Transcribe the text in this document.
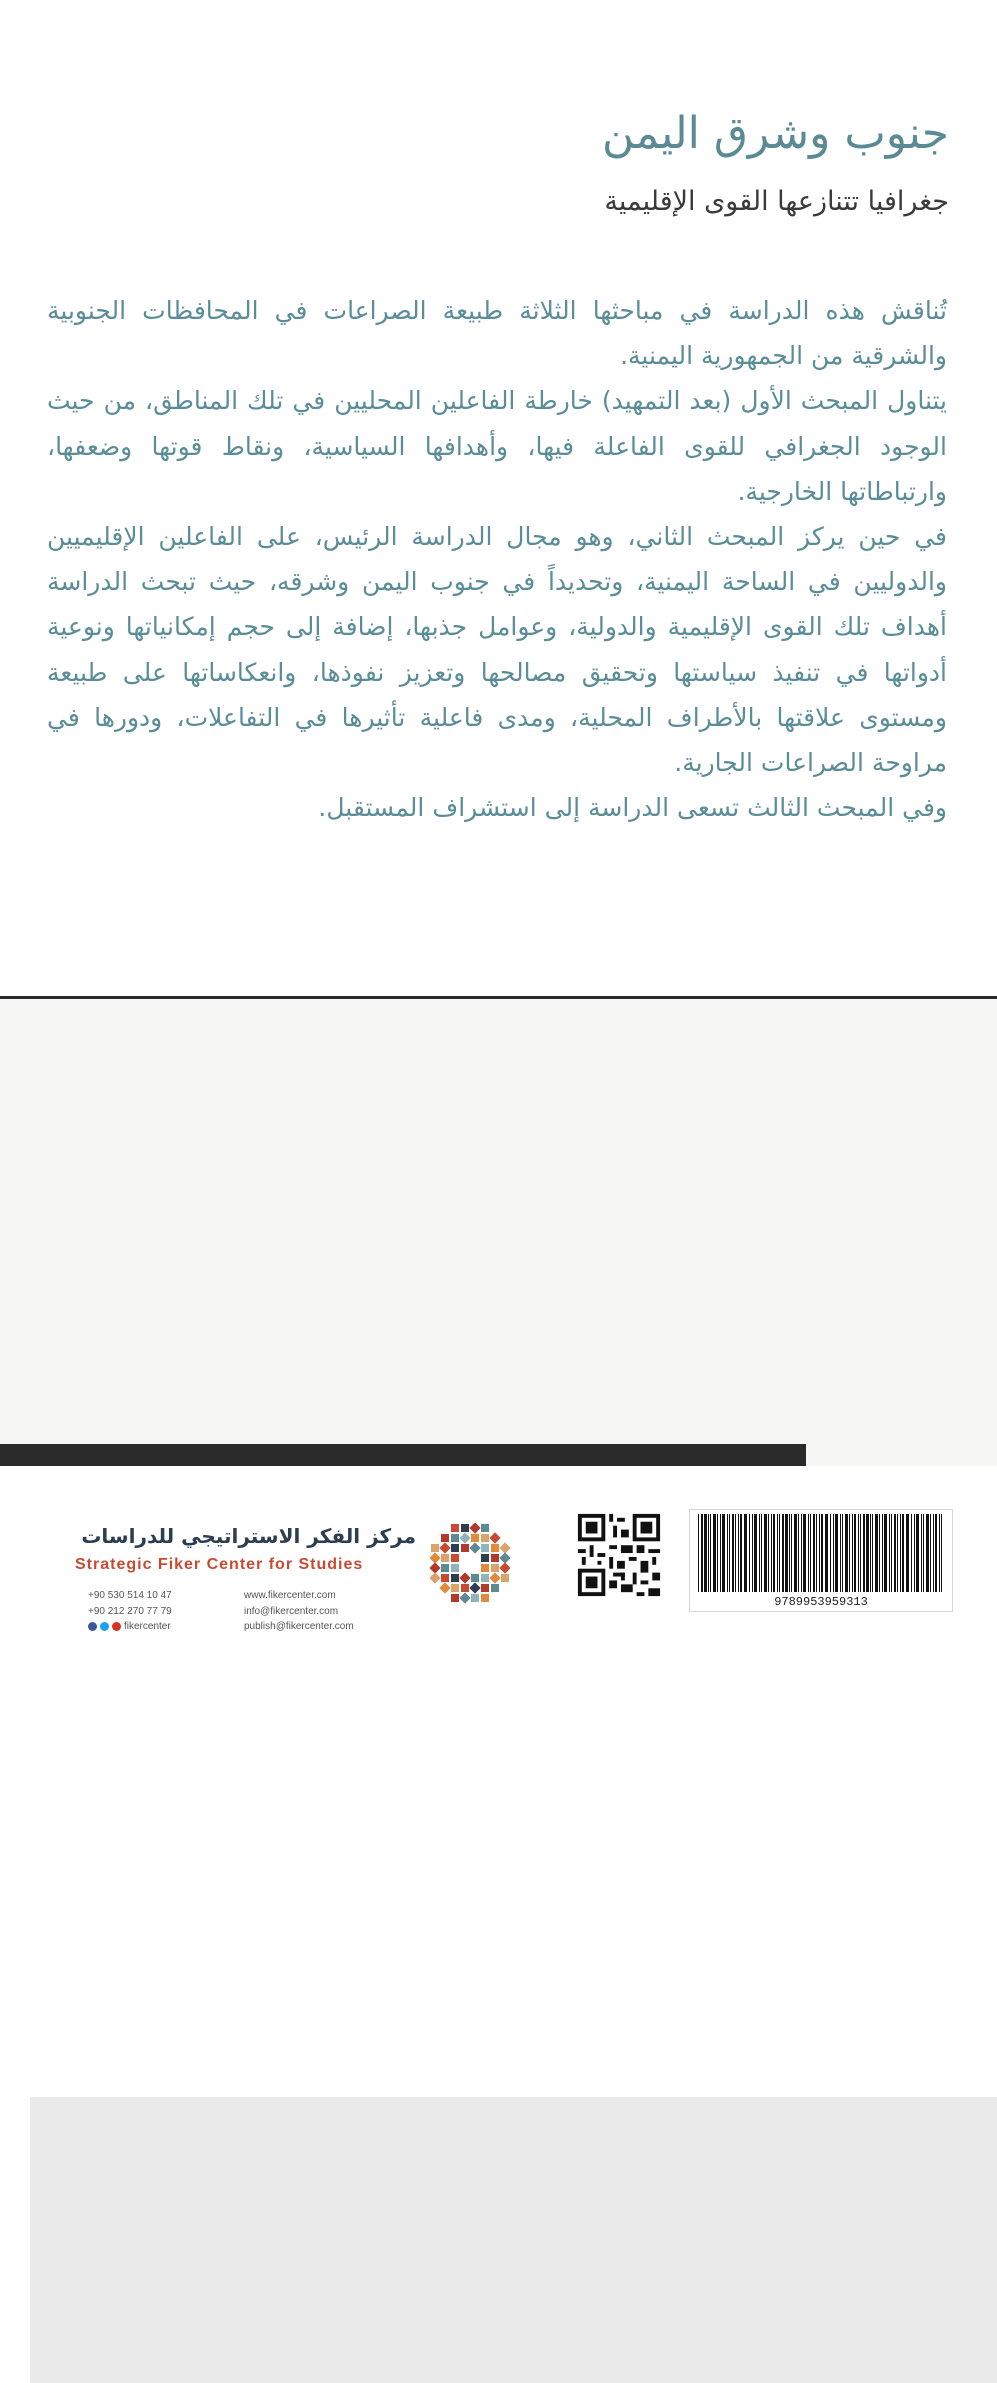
جنوب وشرق اليمن
جغرافيا تتنازعها القوى الإقليمية

تُناقش هذه الدراسة في مباحثها الثلاثة طبيعة الصراعات في المحافظات الجنوبية والشرقية من الجمهورية اليمنية.

يتناول المبحث الأول (بعد التمهيد) خارطة الفاعلين المحليين في تلك المناطق، من حيث الوجود الجغرافي للقوى الفاعلة فيها، وأهدافها السياسية، ونقاط قوتها وضعفها، وارتباطاتها الخارجية.

في حين يركز المبحث الثاني، وهو مجال الدراسة الرئيس، على الفاعلين الإقليميين والدوليين في الساحة اليمنية، وتحديداً في جنوب اليمن وشرقه، حيث تبحث الدراسة أهداف تلك القوى الإقليمية والدولية، وعوامل جذبها، إضافة إلى حجم إمكانياتها ونوعية أدواتها في تنفيذ سياستها وتحقيق مصالحها وتعزيز نفوذها، وانعكاساتها على طبيعة ومستوى علاقتها بالأطراف المحلية، ومدى فاعلية تأثيرها في التفاعلات، ودورها في مراوحة الصراعات الجارية.

وفي المبحث الثالث تسعى الدراسة إلى استشراف المستقبل.

9789953959313
مركز الفكر الاستراتيجي للدراسات
Strategic Fiker Center for Studies
+90 530 514 10 47
+90 212 270 77 79
fikercenter
www.fikercenter.com
info@fikercenter.com
publish@fikercenter.com
